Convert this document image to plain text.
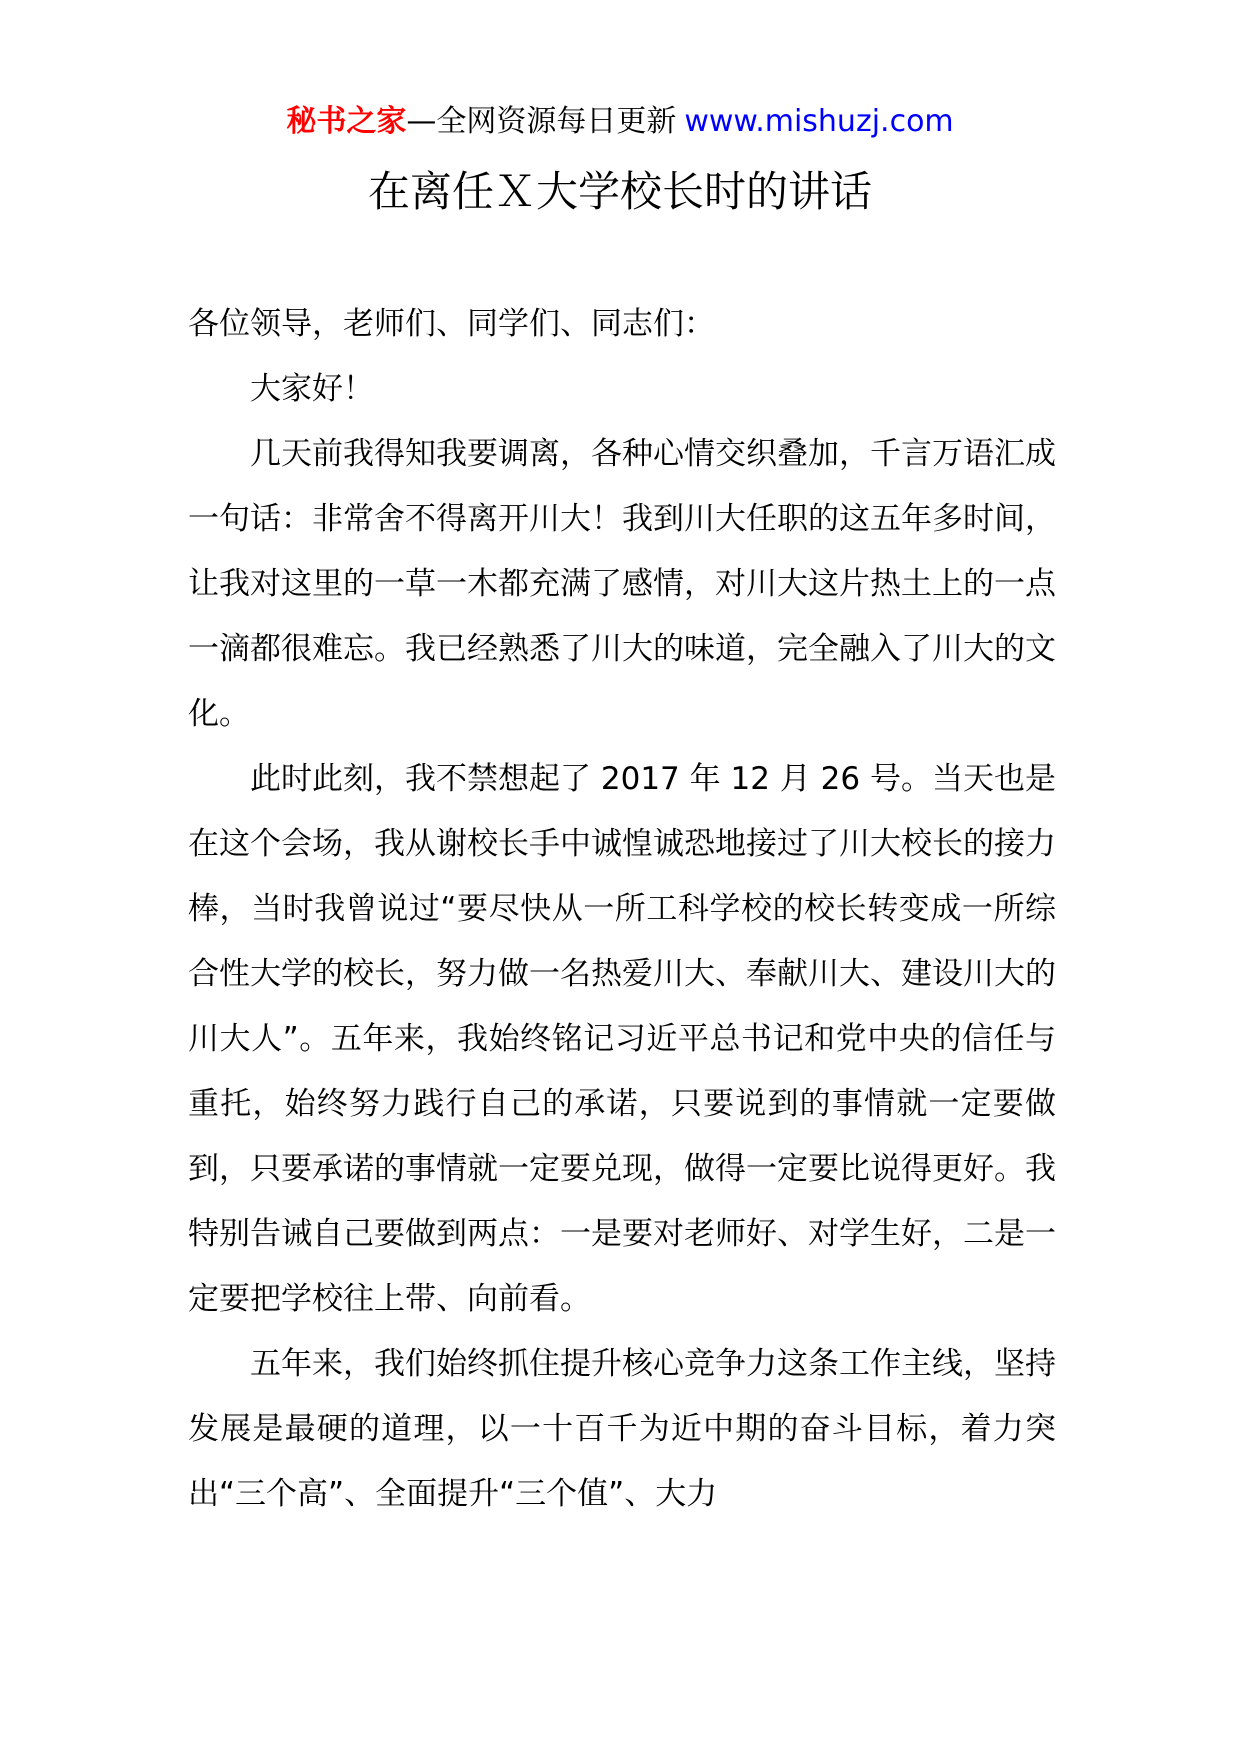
秘书之家—全网资源每日更新 www.mishuzj.com
在离任Ｘ大学校长时的讲话

各位领导，老师们、同学们、同志们：

大家好！

几天前我得知我要调离，各种心情交织叠加，千言万语汇成一句话：非常舍不得离开川大！我到川大任职的这五年多时间，让我对这里的一草一木都充满了感情，对川大这片热土上的一点一滴都很难忘。我已经熟悉了川大的味道，完全融入了川大的文化。

此时此刻，我不禁想起了 2017 年 12 月 26 号。当天也是在这个会场，我从谢校长手中诚惶诚恐地接过了川大校长的接力棒，当时我曾说过“要尽快从一所工科学校的校长转变成一所综合性大学的校长，努力做一名热爱川大、奉献川大、建设川大的川大人”。五年来，我始终铭记习近平总书记和党中央的信任与重托，始终努力践行自己的承诺，只要说到的事情就一定要做到，只要承诺的事情就一定要兑现，做得一定要比说得更好。我特别告诫自己要做到两点：一是要对老师好、对学生好，二是一定要把学校往上带、向前看。

五年来，我们始终抓住提升核心竞争力这条工作主线，坚持发展是最硬的道理，以一十百千为近中期的奋斗目标，着力突出“三个高”、全面提升“三个值”、大力
